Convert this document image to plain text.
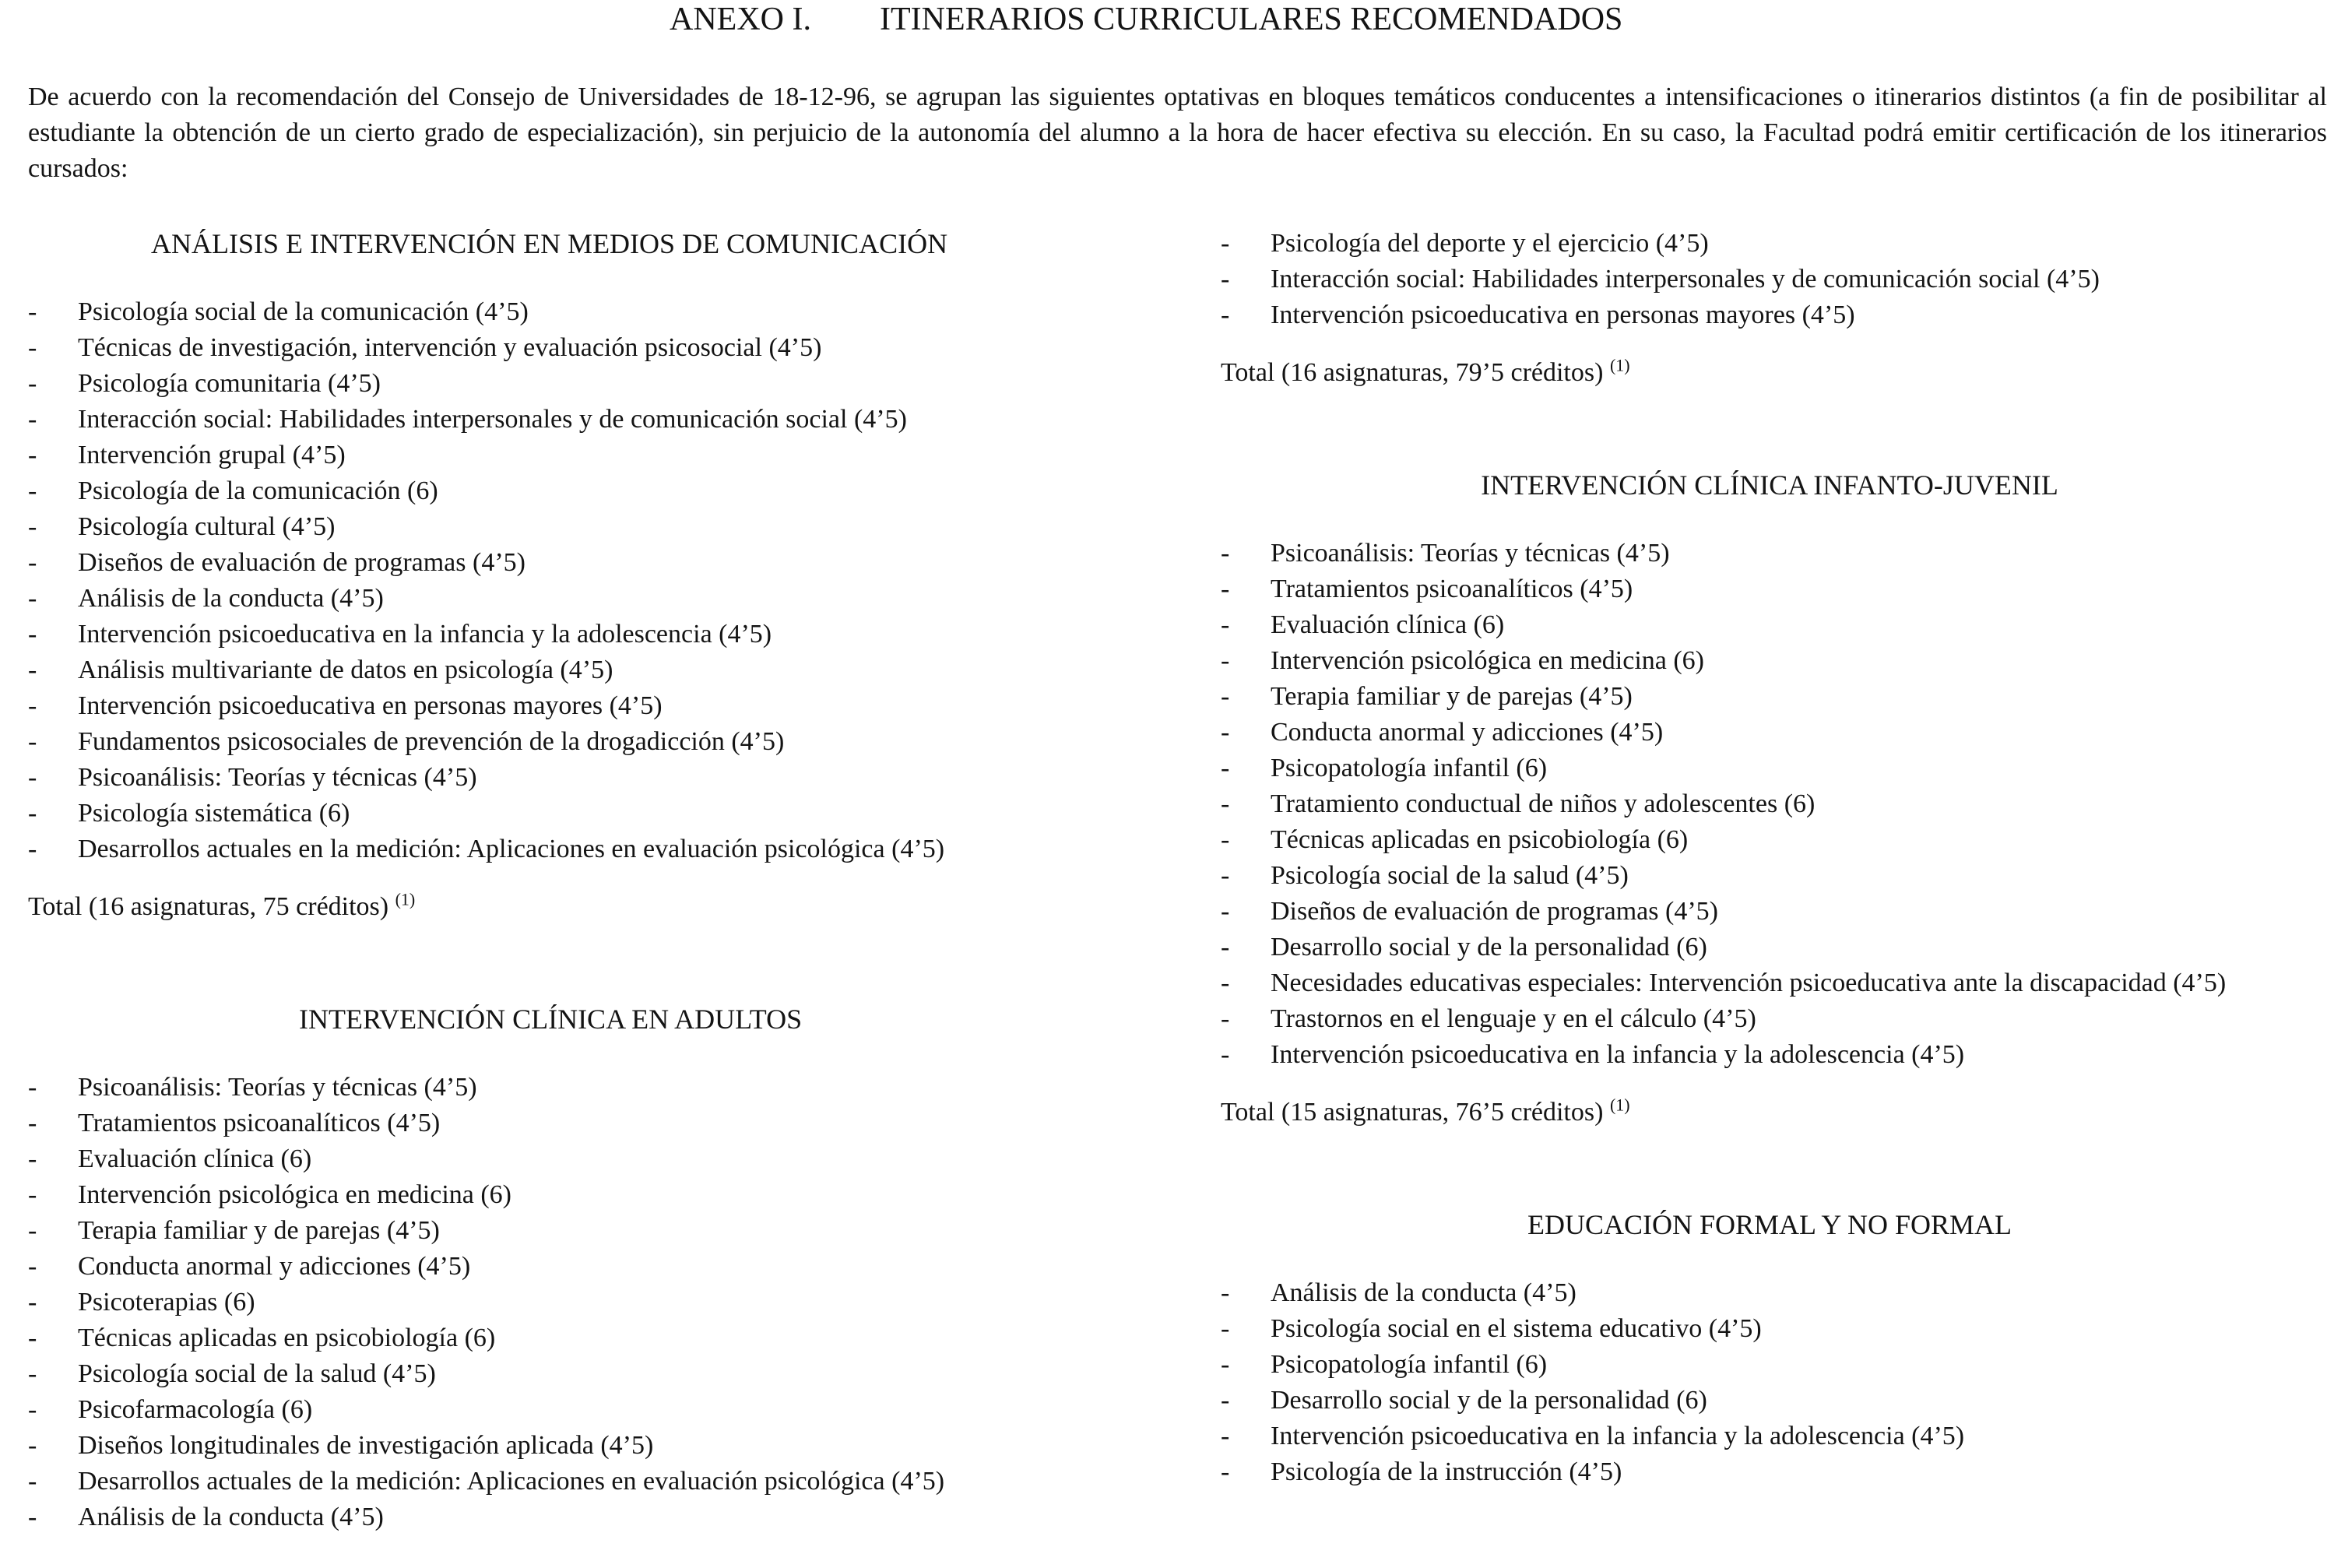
ANEXO I. ITINERARIOS CURRICULARES RECOMENDADOS
De acuerdo con la recomendación del Consejo de Universidades de 18-12-96, se agrupan las siguientes optativas en bloques temáticos conducentes a intensificaciones o itinerarios distintos (a fin de posibilitar al estudiante la obtención de un cierto grado de especialización), sin perjuicio de la autonomía del alumno a la hora de hacer efectiva su elección. En su caso, la Facultad podrá emitir certificación de los itinerarios cursados:
ANÁLISIS E INTERVENCIÓN EN MEDIOS DE COMUNICACIÓN
- Psicología social de la comunicación (4’5)
- Técnicas de investigación, intervención y evaluación psicosocial (4’5)
- Psicología comunitaria (4’5)
- Interacción social: Habilidades interpersonales y de comunicación social (4’5)
- Intervención grupal (4’5)
- Psicología de la comunicación (6)
- Psicología cultural (4’5)
- Diseños de evaluación de programas (4’5)
- Análisis de la conducta (4’5)
- Intervención psicoeducativa en la infancia y la adolescencia (4’5)
- Análisis multivariante de datos en psicología (4’5)
- Intervención psicoeducativa en personas mayores (4’5)
- Fundamentos psicosociales de prevención de la drogadicción (4’5)
- Psicoanálisis: Teorías y técnicas (4’5)
- Psicología sistemática (6)
- Desarrollos actuales en la medición: Aplicaciones en evaluación psicológica (4’5)
Total (16 asignaturas, 75 créditos) $^{(1)}$
INTERVENCIÓN CLÍNICA EN ADULTOS
- Psicoanálisis: Teorías y técnicas (4’5)
- Tratamientos psicoanalíticos (4’5)
- Evaluación clínica (6)
- Intervención psicológica en medicina (6)
- Terapia familiar y de parejas (4’5)
- Conducta anormal y adicciones (4’5)
- Psicoterapias (6)
- Técnicas aplicadas en psicobiología (6)
- Psicología social de la salud (4’5)
- Psicofarmacología (6)
- Diseños longitudinales de investigación aplicada (4’5)
- Desarrollos actuales de la medición: Aplicaciones en evaluación psicológica (4’5)
- Análisis de la conducta (4’5)
- Psicología del deporte y el ejercicio (4’5)
- Interacción social: Habilidades interpersonales y de comunicación social (4’5)
- Intervención psicoeducativa en personas mayores (4’5)
Total (16 asignaturas, 79’5 créditos) $^{(1)}$
INTERVENCIÓN CLÍNICA INFANTO-JUVENIL
- Psicoanálisis: Teorías y técnicas (4’5)
- Tratamientos psicoanalíticos (4’5)
- Evaluación clínica (6)
- Intervención psicológica en medicina (6)
- Terapia familiar y de parejas (4’5)
- Conducta anormal y adicciones (4’5)
- Psicopatología infantil (6)
- Tratamiento conductual de niños y adolescentes (6)
- Técnicas aplicadas en psicobiología (6)
- Psicología social de la salud (4’5)
- Diseños de evaluación de programas (4’5)
- Desarrollo social y de la personalidad (6)
- Necesidades educativas especiales: Intervención psicoeducativa ante la discapacidad (4’5)
- Trastornos en el lenguaje y en el cálculo (4’5)
- Intervención psicoeducativa en la infancia y la adolescencia (4’5)
Total (15 asignaturas, 76’5 créditos) $^{(1)}$
EDUCACIÓN FORMAL Y NO FORMAL
- Análisis de la conducta (4’5)
- Psicología social en el sistema educativo (4’5)
- Psicopatología infantil (6)
- Desarrollo social y de la personalidad (6)
- Intervención psicoeducativa en la infancia y la adolescencia (4’5)
- Psicología de la instrucción (4’5)
